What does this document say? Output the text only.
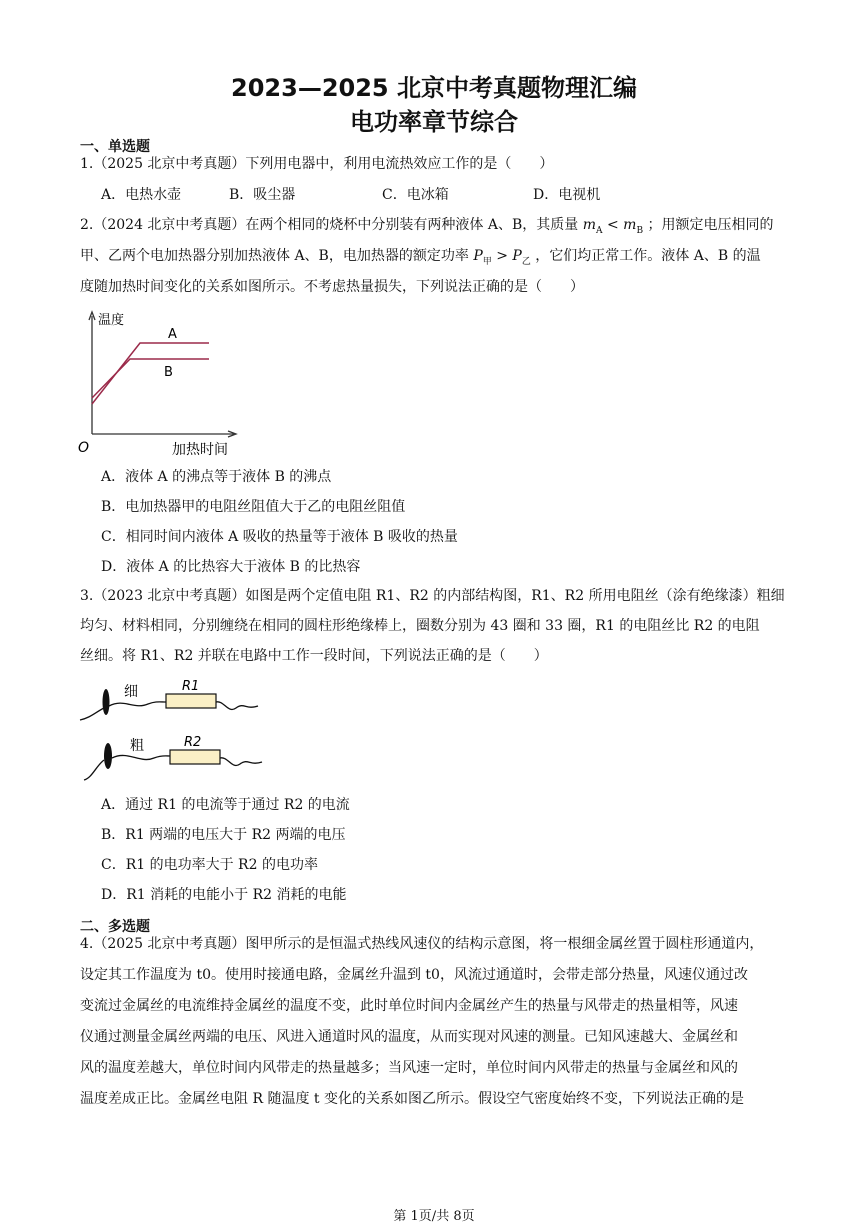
2023—2025 北京中考真题物理汇编
电功率章节综合
一、单选题
1.（2025 北京中考真题）下列用电器中，利用电流热效应工作的是（　　）
A．电热水壶	B．吸尘器	C．电冰箱	D．电视机
2.（2024 北京中考真题）在两个相同的烧杯中分别装有两种液体 A、B，其质量 $m_A < m_B$ ；用额定电压相同的
甲、乙两个电加热器分别加热液体 A、B，电加热器的额定功率 $P_甲 > P_乙$ ，它们均正常工作。液体 A、B 的温
度随加热时间变化的关系如图所示。不考虑热量损失，下列说法正确的是（　　）
温度
A
B
O	加热时间
A．液体 A 的沸点等于液体 B 的沸点
B．电加热器甲的电阻丝阻值大于乙的电阻丝阻值
C．相同时间内液体 A 吸收的热量等于液体 B 吸收的热量
D．液体 A 的比热容大于液体 B 的比热容
3.（2023 北京中考真题）如图是两个定值电阻 R1、R2 的内部结构图，R1、R2 所用电阻丝（涂有绝缘漆）粗细
均匀、材料相同，分别缠绕在相同的圆柱形绝缘棒上，圈数分别为 43 圈和 33 圈，R1 的电阻丝比 R2 的电阻
丝细。将 R1、R2 并联在电路中工作一段时间，下列说法正确的是（　　）
细	R1
粗	R2
A．通过 R1 的电流等于通过 R2 的电流
B．R1 两端的电压大于 R2 两端的电压
C．R1 的电功率大于 R2 的电功率
D．R1 消耗的电能小于 R2 消耗的电能
二、多选题
4.（2025 北京中考真题）图甲所示的是恒温式热线风速仪的结构示意图，将一根细金属丝置于圆柱形通道内，
设定其工作温度为 t0。使用时接通电路，金属丝升温到 t0，风流过通道时，会带走部分热量，风速仪通过改
变流过金属丝的电流维持金属丝的温度不变，此时单位时间内金属丝产生的热量与风带走的热量相等，风速
仪通过测量金属丝两端的电压、风进入通道时风的温度，从而实现对风速的测量。已知风速越大、金属丝和
风的温度差越大，单位时间内风带走的热量越多；当风速一定时，单位时间内风带走的热量与金属丝和风的
温度差成正比。金属丝电阻 R 随温度 t 变化的关系如图乙所示。假设空气密度始终不变，下列说法正确的是
第 1页/共 8页
